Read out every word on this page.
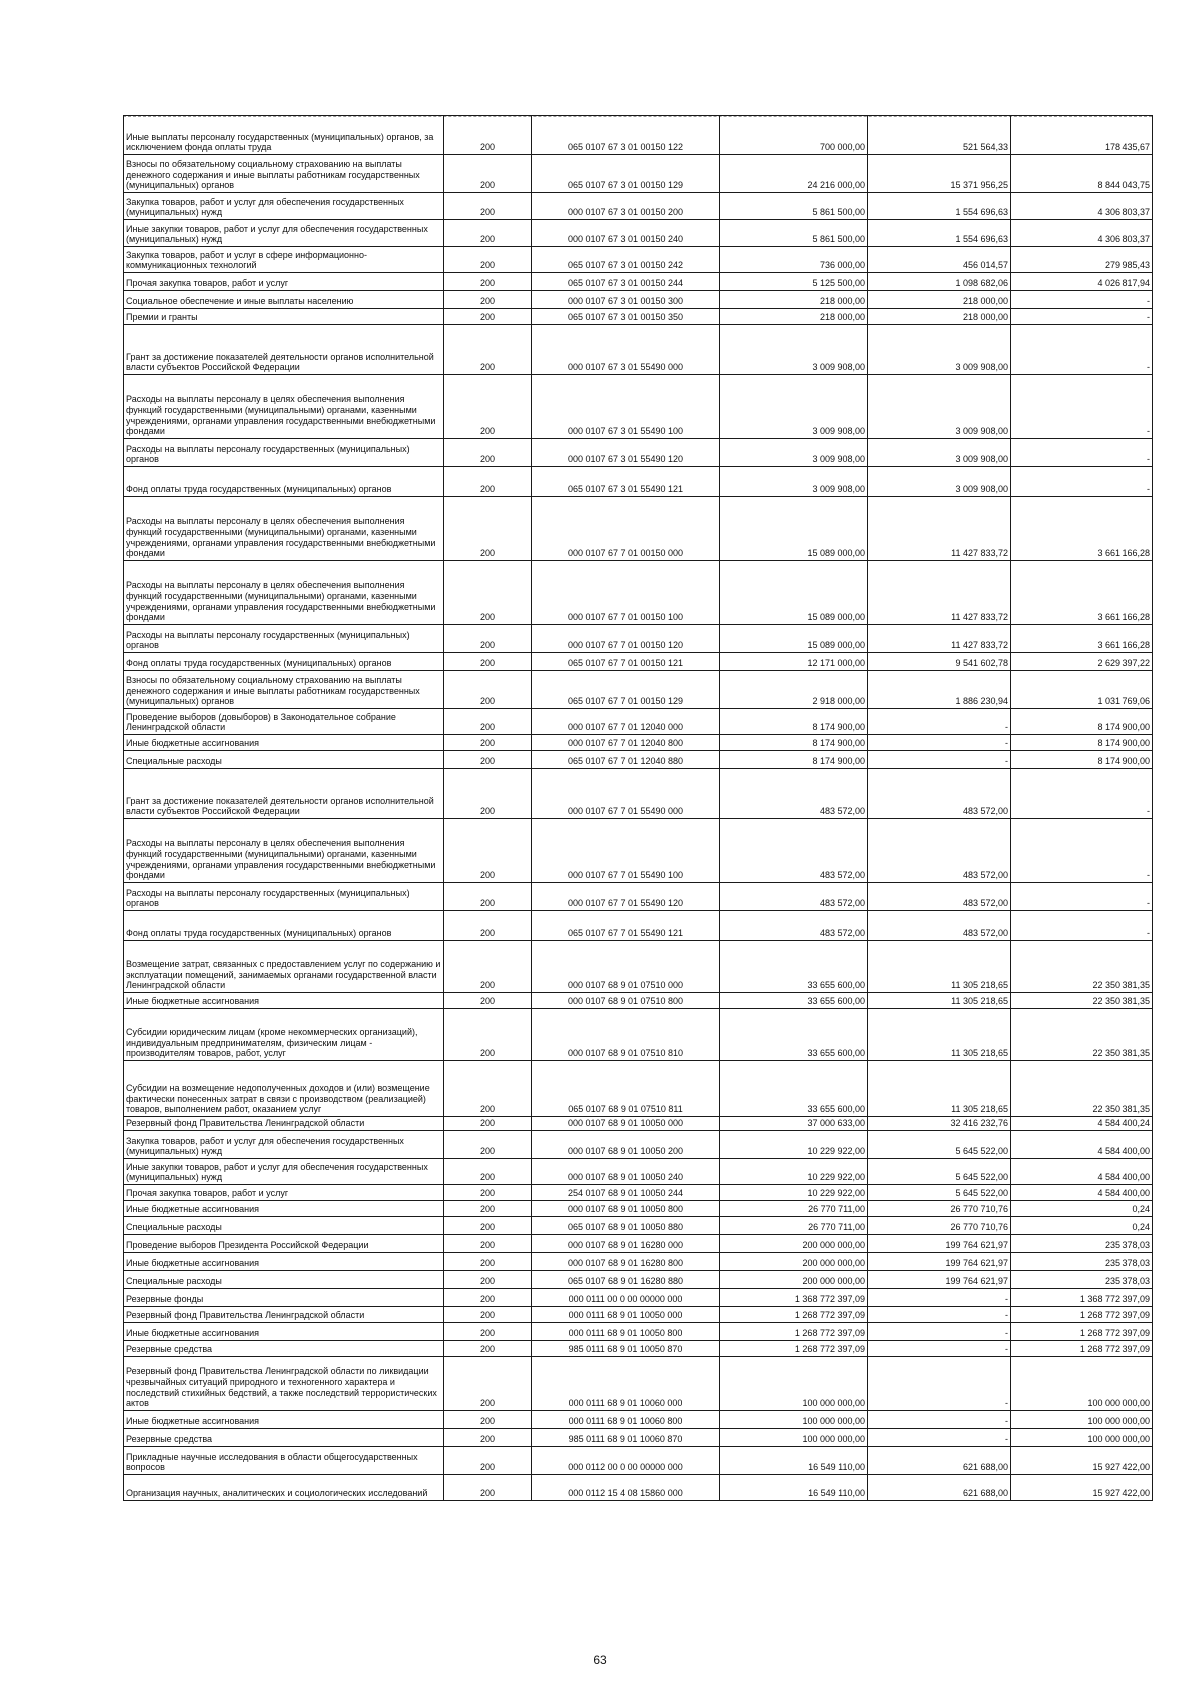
Иные выплаты персоналу государственных (муниципальных) органов, за исключением фонда оплаты труда	200	065 0107 67 3 01 00150 122	700 000,00	521 564,33	178 435,67
Взносы по обязательному социальному страхованию на выплаты денежного содержания и иные выплаты работникам государственных (муниципальных) органов	200	065 0107 67 3 01 00150 129	24 216 000,00	15 371 956,25	8 844 043,75
Закупка товаров, работ и услуг для обеспечения государственных (муниципальных) нужд	200	000 0107 67 3 01 00150 200	5 861 500,00	1 554 696,63	4 306 803,37
Иные закупки товаров, работ и услуг для обеспечения государственных (муниципальных) нужд	200	000 0107 67 3 01 00150 240	5 861 500,00	1 554 696,63	4 306 803,37
Закупка товаров, работ и услуг в сфере информационно-коммуникационных технологий	200	065 0107 67 3 01 00150 242	736 000,00	456 014,57	279 985,43
Прочая закупка товаров, работ и услуг	200	065 0107 67 3 01 00150 244	5 125 500,00	1 098 682,06	4 026 817,94
Социальное обеспечение и иные выплаты населению	200	000 0107 67 3 01 00150 300	218 000,00	218 000,00	-
Премии и гранты	200	065 0107 67 3 01 00150 350	218 000,00	218 000,00	-
Грант за достижение показателей деятельности органов исполнительной власти субъектов Российской Федерации	200	000 0107 67 3 01 55490 000	3 009 908,00	3 009 908,00	-
Расходы на выплаты персоналу в целях обеспечения выполнения функций государственными (муниципальными) органами, казенными учреждениями, органами управления государственными внебюджетными фондами	200	000 0107 67 3 01 55490 100	3 009 908,00	3 009 908,00	-
Расходы на выплаты персоналу государственных (муниципальных) органов	200	000 0107 67 3 01 55490 120	3 009 908,00	3 009 908,00	-
Фонд оплаты труда государственных (муниципальных) органов	200	065 0107 67 3 01 55490 121	3 009 908,00	3 009 908,00	-
Расходы на выплаты персоналу в целях обеспечения выполнения функций государственными (муниципальными) органами, казенными учреждениями, органами управления государственными внебюджетными фондами	200	000 0107 67 7 01 00150 000	15 089 000,00	11 427 833,72	3 661 166,28
Расходы на выплаты персоналу в целях обеспечения выполнения функций государственными (муниципальными) органами, казенными учреждениями, органами управления государственными внебюджетными фондами	200	000 0107 67 7 01 00150 100	15 089 000,00	11 427 833,72	3 661 166,28
Расходы на выплаты персоналу государственных (муниципальных) органов	200	000 0107 67 7 01 00150 120	15 089 000,00	11 427 833,72	3 661 166,28
Фонд оплаты труда государственных (муниципальных) органов	200	065 0107 67 7 01 00150 121	12 171 000,00	9 541 602,78	2 629 397,22
Взносы по обязательному социальному страхованию на выплаты денежного содержания и иные выплаты работникам государственных (муниципальных) органов	200	065 0107 67 7 01 00150 129	2 918 000,00	1 886 230,94	1 031 769,06
Проведение выборов (довыборов) в Законодательное собрание Ленинградской области	200	000 0107 67 7 01 12040 000	8 174 900,00	-	8 174 900,00
Иные бюджетные ассигнования	200	000 0107 67 7 01 12040 800	8 174 900,00	-	8 174 900,00
Специальные расходы	200	065 0107 67 7 01 12040 880	8 174 900,00	-	8 174 900,00
Грант за достижение показателей деятельности органов исполнительной власти субъектов Российской Федерации	200	000 0107 67 7 01 55490 000	483 572,00	483 572,00	-
Расходы на выплаты персоналу в целях обеспечения выполнения функций государственными (муниципальными) органами, казенными учреждениями, органами управления государственными внебюджетными фондами	200	000 0107 67 7 01 55490 100	483 572,00	483 572,00	-
Расходы на выплаты персоналу государственных (муниципальных) органов	200	000 0107 67 7 01 55490 120	483 572,00	483 572,00	-
Фонд оплаты труда государственных (муниципальных) органов	200	065 0107 67 7 01 55490 121	483 572,00	483 572,00	-
Возмещение затрат, связанных с предоставлением услуг по содержанию и эксплуатации помещений, занимаемых органами государственной власти Ленинградской области	200	000 0107 68 9 01 07510 000	33 655 600,00	11 305 218,65	22 350 381,35
Иные бюджетные ассигнования	200	000 0107 68 9 01 07510 800	33 655 600,00	11 305 218,65	22 350 381,35
Субсидии юридическим лицам (кроме некоммерческих организаций), индивидуальным предпринимателям, физическим лицам - производителям товаров, работ, услуг	200	000 0107 68 9 01 07510 810	33 655 600,00	11 305 218,65	22 350 381,35
Субсидии на возмещение недополученных доходов и (или) возмещение фактически понесенных затрат в связи с производством (реализацией) товаров, выполнением работ, оказанием услуг	200	065 0107 68 9 01 07510 811	33 655 600,00	11 305 218,65	22 350 381,35
Резервный фонд Правительства Ленинградской области	200	000 0107 68 9 01 10050 000	37 000 633,00	32 416 232,76	4 584 400,24
Закупка товаров, работ и услуг для обеспечения государственных (муниципальных) нужд	200	000 0107 68 9 01 10050 200	10 229 922,00	5 645 522,00	4 584 400,00
Иные закупки товаров, работ и услуг для обеспечения государственных (муниципальных) нужд	200	000 0107 68 9 01 10050 240	10 229 922,00	5 645 522,00	4 584 400,00
Прочая закупка товаров, работ и услуг	200	254 0107 68 9 01 10050 244	10 229 922,00	5 645 522,00	4 584 400,00
Иные бюджетные ассигнования	200	000 0107 68 9 01 10050 800	26 770 711,00	26 770 710,76	0,24
Специальные расходы	200	065 0107 68 9 01 10050 880	26 770 711,00	26 770 710,76	0,24
Проведение выборов Президента Российской Федерации	200	000 0107 68 9 01 16280 000	200 000 000,00	199 764 621,97	235 378,03
Иные бюджетные ассигнования	200	000 0107 68 9 01 16280 800	200 000 000,00	199 764 621,97	235 378,03
Специальные расходы	200	065 0107 68 9 01 16280 880	200 000 000,00	199 764 621,97	235 378,03
Резервные фонды	200	000 0111 00 0 00 00000 000	1 368 772 397,09	-	1 368 772 397,09
Резервный фонд Правительства Ленинградской области	200	000 0111 68 9 01 10050 000	1 268 772 397,09	-	1 268 772 397,09
Иные бюджетные ассигнования	200	000 0111 68 9 01 10050 800	1 268 772 397,09	-	1 268 772 397,09
Резервные средства	200	985 0111 68 9 01 10050 870	1 268 772 397,09	-	1 268 772 397,09
Резервный фонд Правительства Ленинградской области по ликвидации чрезвычайных ситуаций природного и техногенного характера и последствий стихийных бедствий, а также последствий террористических актов	200	000 0111 68 9 01 10060 000	100 000 000,00	-	100 000 000,00
Иные бюджетные ассигнования	200	000 0111 68 9 01 10060 800	100 000 000,00	-	100 000 000,00
Резервные средства	200	985 0111 68 9 01 10060 870	100 000 000,00	-	100 000 000,00
Прикладные научные исследования в области общегосударственных вопросов	200	000 0112 00 0 00 00000 000	16 549 110,00	621 688,00	15 927 422,00
Организация научных, аналитических и социологических исследований	200	000 0112 15 4 08 15860 000	16 549 110,00	621 688,00	15 927 422,00
63
